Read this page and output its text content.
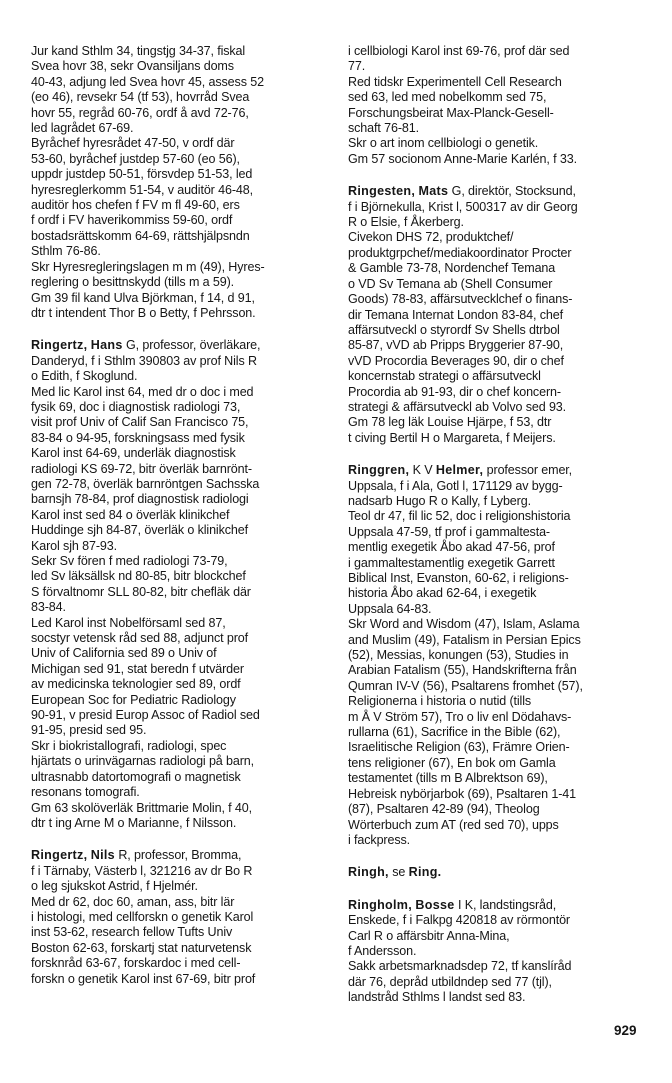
Jur kand Sthlm 34, tingstjg 34-37, fiskal
Svea hovr 38, sekr Ovansiljans doms
40-43, adjung led Svea hovr 45, assess 52
(eo 46), revsekr 54 (tf 53), hovrråd Svea
hovr 55, regråd 60-76, ordf å avd 72-76,
led lagrådet 67-69.
Byråchef hyresrådet 47-50, v ordf där
53-60, byråchef justdep 57-60 (eo 56),
uppdr justdep 50-51, försvdep 51-53, led
hyresreglerkomm 51-54, v auditör 46-48,
auditör hos chefen f FV m fl 49-60, ers
f ordf i FV haverikommiss 59-60, ordf
bostadsrättskomm 64-69, rättshjälpsndn
Sthlm 76-86.
Skr Hyresregleringslagen m m (49), Hyres-
reglering o besittnskydd (tills m a 59).
Gm 39 fil kand Ulva Björkman, f 14, d 91,
dtr t intendent Thor B o Betty, f Pehrsson.
Ringertz, Hans G, professor, överläkare,
Danderyd, f i Sthlm 390803 av prof Nils R
o Edith, f Skoglund.
Med lic Karol inst 64, med dr o doc i med
fysik 69, doc i diagnostisk radiologi 73,
visit prof Univ of Calif San Francisco 75,
83-84 o 94-95, forskningsass med fysik
Karol inst 64-69, underläk diagnostisk
radiologi KS 69-72, bitr överläk barnrönt-
gen 72-78, överläk barnröntgen Sachsska
barnsjh 78-84, prof diagnostisk radiologi
Karol inst sed 84 o överläk klinikchef
Huddinge sjh 84-87, överläk o klinikchef
Karol sjh 87-93.
Sekr Sv fören f med radiologi 73-79,
led Sv läksällsk nd 80-85, bitr blockchef
S förvaltnomr SLL 80-82, bitr chefläk där
83-84.
Led Karol inst Nobelförsaml sed 87,
socstyr vetensk råd sed 88, adjunct prof
Univ of California sed 89 o Univ of
Michigan sed 91, stat beredn f utvärder
av medicinska teknologier sed 89, ordf
European Soc for Pediatric Radiology
90-91, v presid Europ Assoc of Radiol sed
91-95, presid sed 95.
Skr i biokristallografi, radiologi, spec
hjärtats o urinvägarnas radiologi på barn,
ultrasnabb datortomografi o magnetisk
resonans tomografi.
Gm 63 skolöverläk Brittmarie Molin, f 40,
dtr t ing Arne M o Marianne, f Nilsson.
Ringertz, Nils R, professor, Bromma,
f i Tärnaby, Västerb l, 321216 av dr Bo R
o leg sjukskot Astrid, f Hjelmér.
Med dr 62, doc 60, aman, ass, bitr lär
i histologi, med cellforskn o genetik Karol
inst 53-62, research fellow Tufts Univ
Boston 62-63, forskartj stat naturvetensk
forsknråd 63-67, forskardoc i med cell-
forskn o genetik Karol inst 67-69, bitr prof
i cellbiologi Karol inst 69-76, prof där sed
77.
Red tidskr Experimentell Cell Research
sed 63, led med nobelkomm sed 75,
Forschungsbeirat Max-Planck-Gesell-
schaft 76-81.
Skr o art inom cellbiologi o genetik.
Gm 57 socionom Anne-Marie Karlén, f 33.
Ringesten, Mats G, direktör, Stocksund,
f i Björnekulla, Krist l, 500317 av dir Georg
R o Elsie, f Åkerberg.
Civekon DHS 72, produktchef/
produktgrpchef/mediakoordinator Procter
& Gamble 73-78, Nordenchef Temana
o VD Sv Temana ab (Shell Consumer
Goods) 78-83, affärsutvecklchef o finans-
dir Temana Internat London 83-84, chef
affärsutveckl o styrordf Sv Shells dtrbol
85-87, vVD ab Pripps Bryggerier 87-90,
vVD Procordia Beverages 90, dir o chef
koncernstab strategi o affärsutveckl
Procordia ab 91-93, dir o chef koncern-
strategi & affärsutveckl ab Volvo sed 93.
Gm 78 leg läk Louise Hjärpe, f 53, dtr
t civing Bertil H o Margareta, f Meijers.
Ringgren, K V Helmer, professor emer,
Uppsala, f i Ala, Gotl l, 171129 av bygg-
nadsarb Hugo R o Kally, f Lyberg.
Teol dr 47, fil lic 52, doc i religionshistoria
Uppsala 47-59, tf prof i gammaltesta-
mentlig exegetik Åbo akad 47-56, prof
i gammaltestamentlig exegetik Garrett
Biblical Inst, Evanston, 60-62, i religions-
historia Åbo akad 62-64, i exegetik
Uppsala 64-83.
Skr Word and Wisdom (47), Islam, Aslama
and Muslim (49), Fatalism in Persian Epics
(52), Messias, konungen (53), Studies in
Arabian Fatalism (55), Handskrifterna från
Qumran IV-V (56), Psaltarens fromhet (57),
Religionerna i historia o nutid (tills
m Å V Ström 57), Tro o liv enl Dödahavs-
rullarna (61), Sacrifice in the Bible (62),
Israelitische Religion (63), Främre Orien-
tens religioner (67), En bok om Gamla
testamentet (tills m B Albrektson 69),
Hebreisk nybörjarbok (69), Psaltaren 1-41
(87), Psaltaren 42-89 (94), Theolog
Wörterbuch zum AT (red sed 70), upps
i fackpress.
Ringh, se Ring.
Ringholm, Bosse I K, landstingsråd,
Enskede, f i Falkpg 420818 av rörmontör
Carl R o affärsbitr Anna-Mina,
f Andersson.
Sakk arbetsmarknadsdep 72, tf kanslíråd
där 76, depråd utbildndep sed 77 (tjl),
landstråd Sthlms l landst sed 83.
929
